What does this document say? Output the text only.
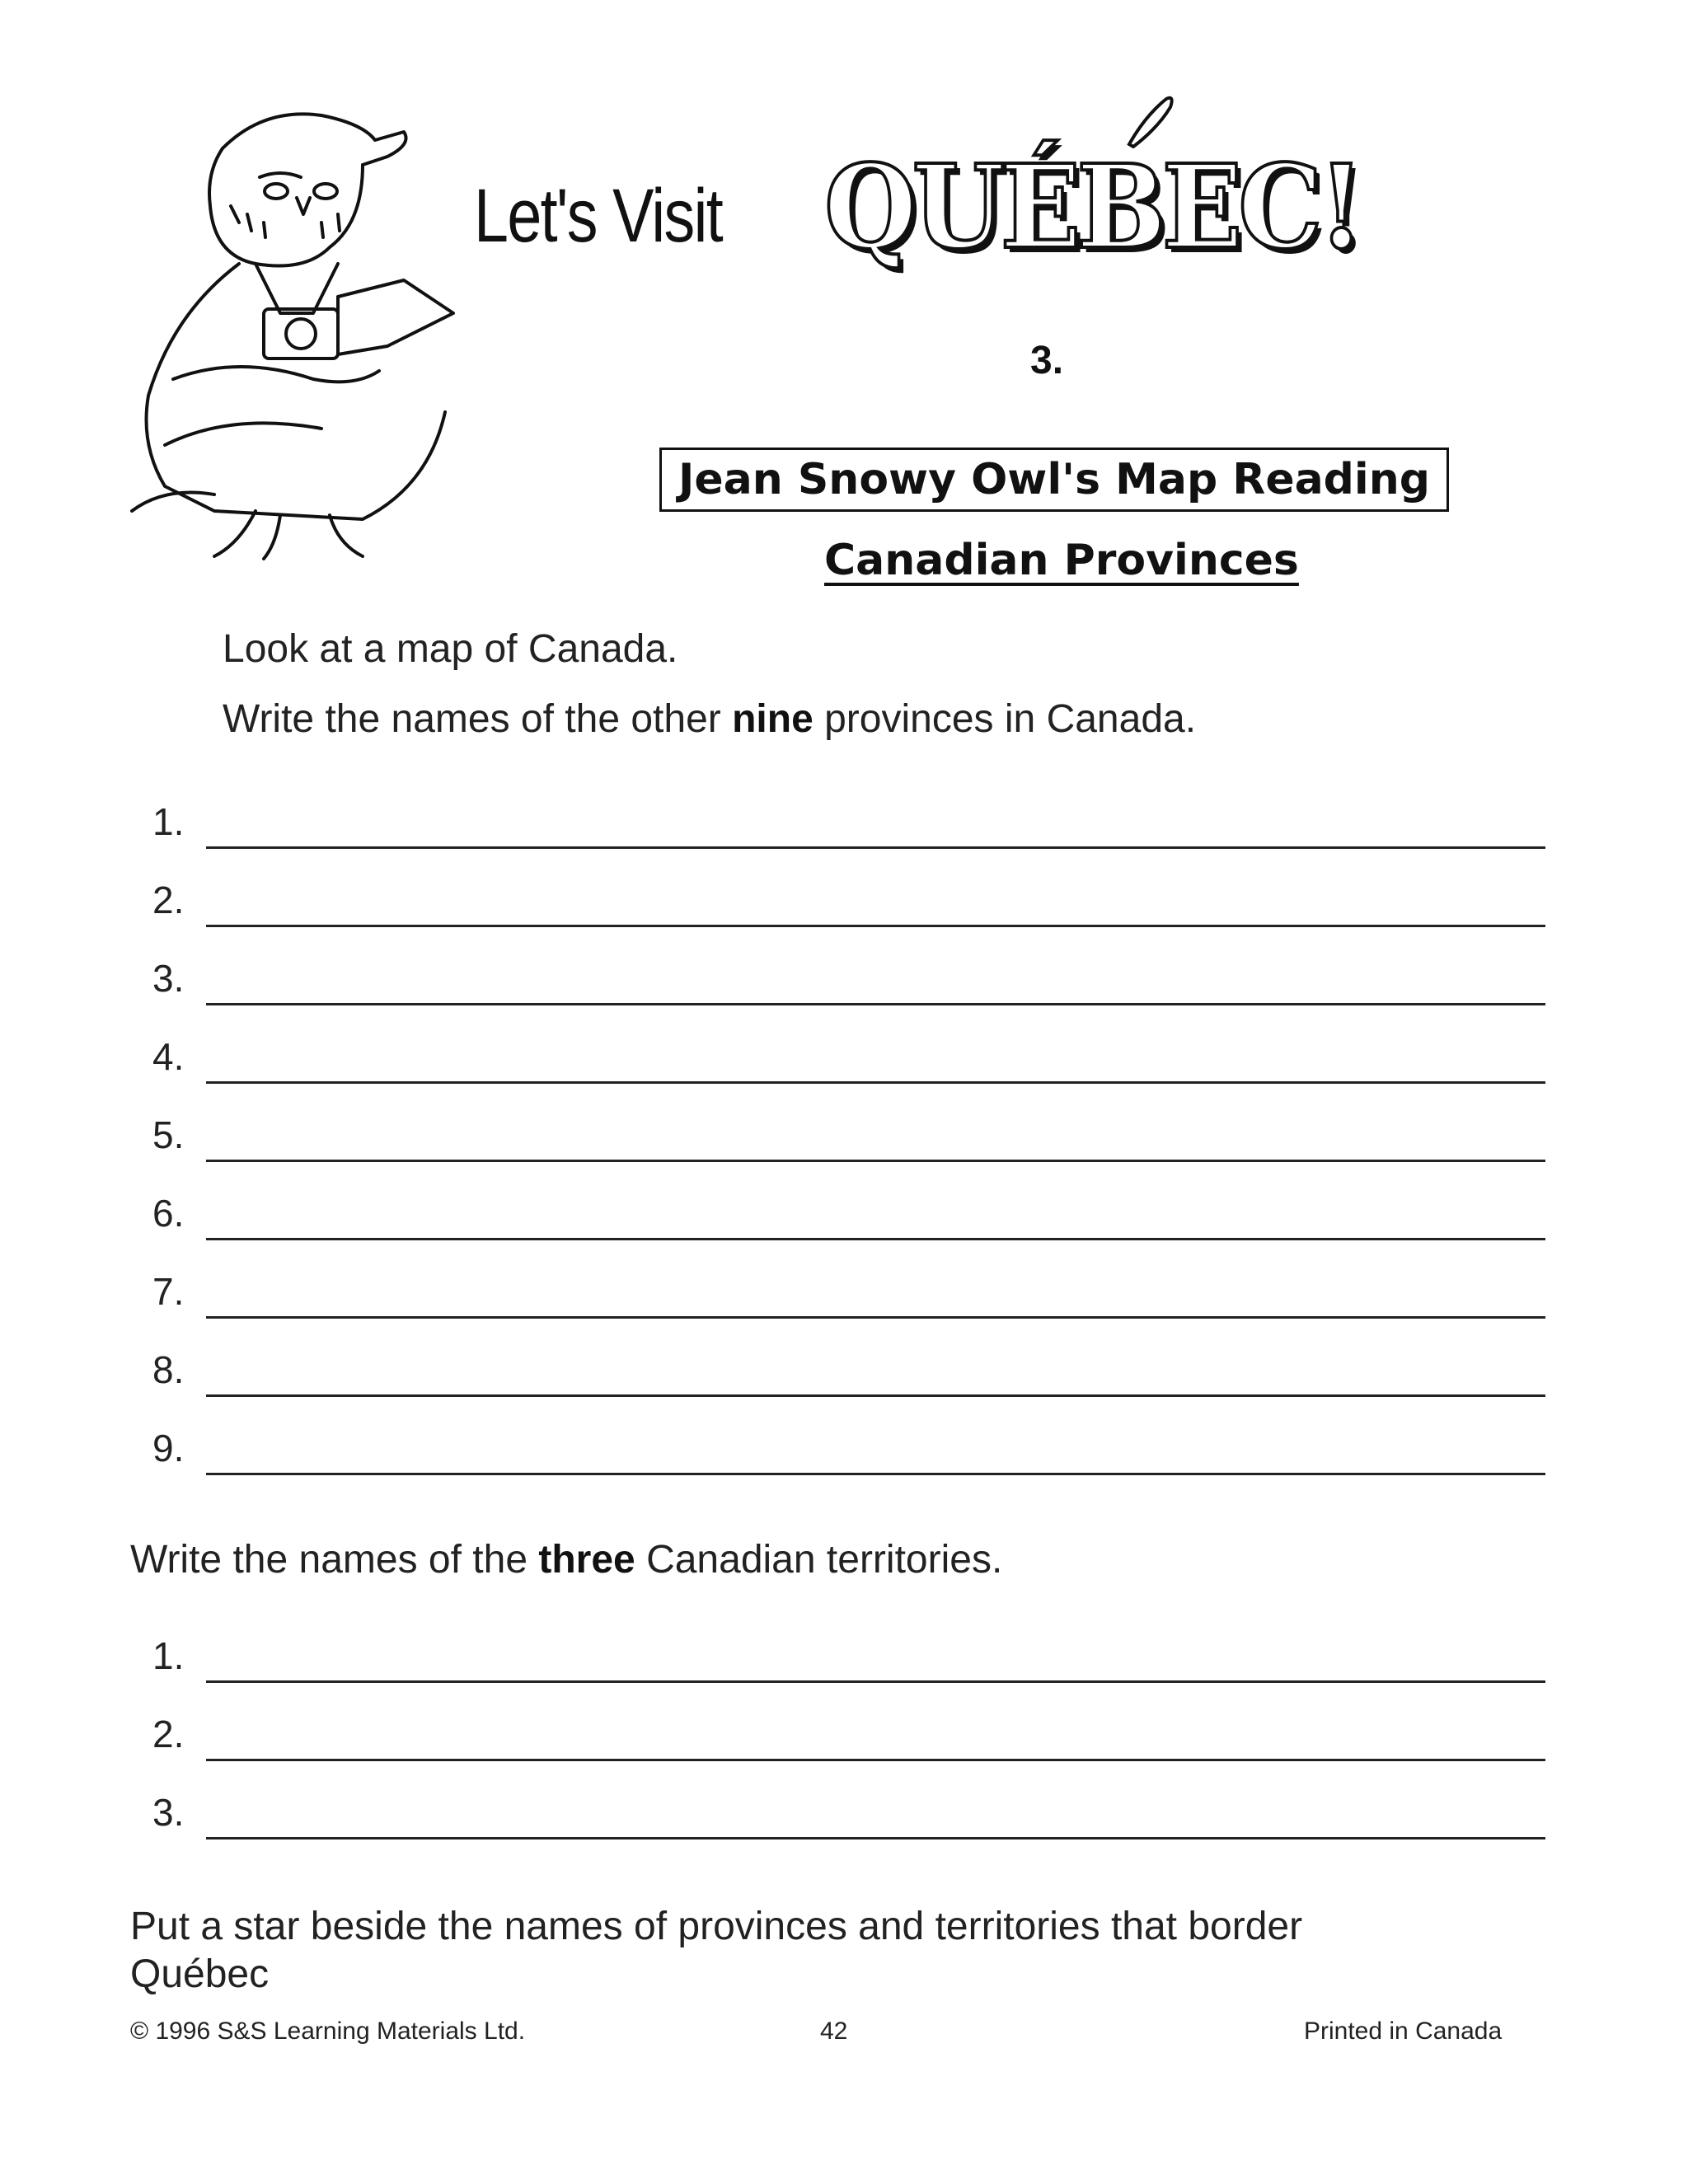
Let's Visit QUÉBEC!
3.
Jean Snowy Owl's Map Reading
Canadian Provinces
Look at a map of Canada.
Write the names of the other nine provinces in Canada.
1.
2.
3.
4.
5.
6.
7.
8.
9.
Write the names of the three Canadian territories.
1.
2.
3.
Put a star beside the names of provinces and territories that border
Québec
© 1996 S&S Learning Materials Ltd.	42	Printed in Canada
